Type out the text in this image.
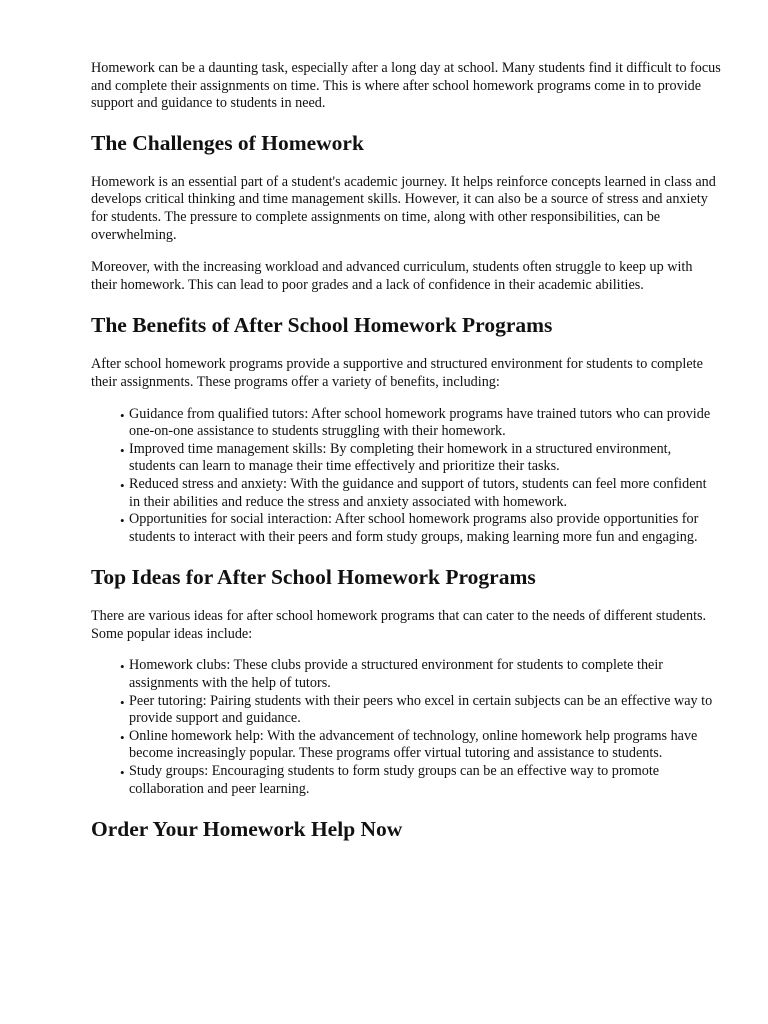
Homework can be a daunting task, especially after a long day at school. Many students find it difficult to focus and complete their assignments on time. This is where after school homework programs come in to provide support and guidance to students in need.

The Challenges of Homework

Homework is an essential part of a student's academic journey. It helps reinforce concepts learned in class and develops critical thinking and time management skills. However, it can also be a source of stress and anxiety for students. The pressure to complete assignments on time, along with other responsibilities, can be overwhelming.

Moreover, with the increasing workload and advanced curriculum, students often struggle to keep up with their homework. This can lead to poor grades and a lack of confidence in their academic abilities.

The Benefits of After School Homework Programs

After school homework programs provide a supportive and structured environment for students to complete their assignments. These programs offer a variety of benefits, including:

• Guidance from qualified tutors: After school homework programs have trained tutors who can provide one-on-one assistance to students struggling with their homework.
• Improved time management skills: By completing their homework in a structured environment, students can learn to manage their time effectively and prioritize their tasks.
• Reduced stress and anxiety: With the guidance and support of tutors, students can feel more confident in their abilities and reduce the stress and anxiety associated with homework.
• Opportunities for social interaction: After school homework programs also provide opportunities for students to interact with their peers and form study groups, making learning more fun and engaging.
Top Ideas for After School Homework Programs

There are various ideas for after school homework programs that can cater to the needs of different students. Some popular ideas include:

• Homework clubs: These clubs provide a structured environment for students to complete their assignments with the help of tutors.
• Peer tutoring: Pairing students with their peers who excel in certain subjects can be an effective way to provide support and guidance.
• Online homework help: With the advancement of technology, online homework help programs have become increasingly popular. These programs offer virtual tutoring and assistance to students.
• Study groups: Encouraging students to form study groups can be an effective way to promote collaboration and peer learning.
Order Your Homework Help Now
